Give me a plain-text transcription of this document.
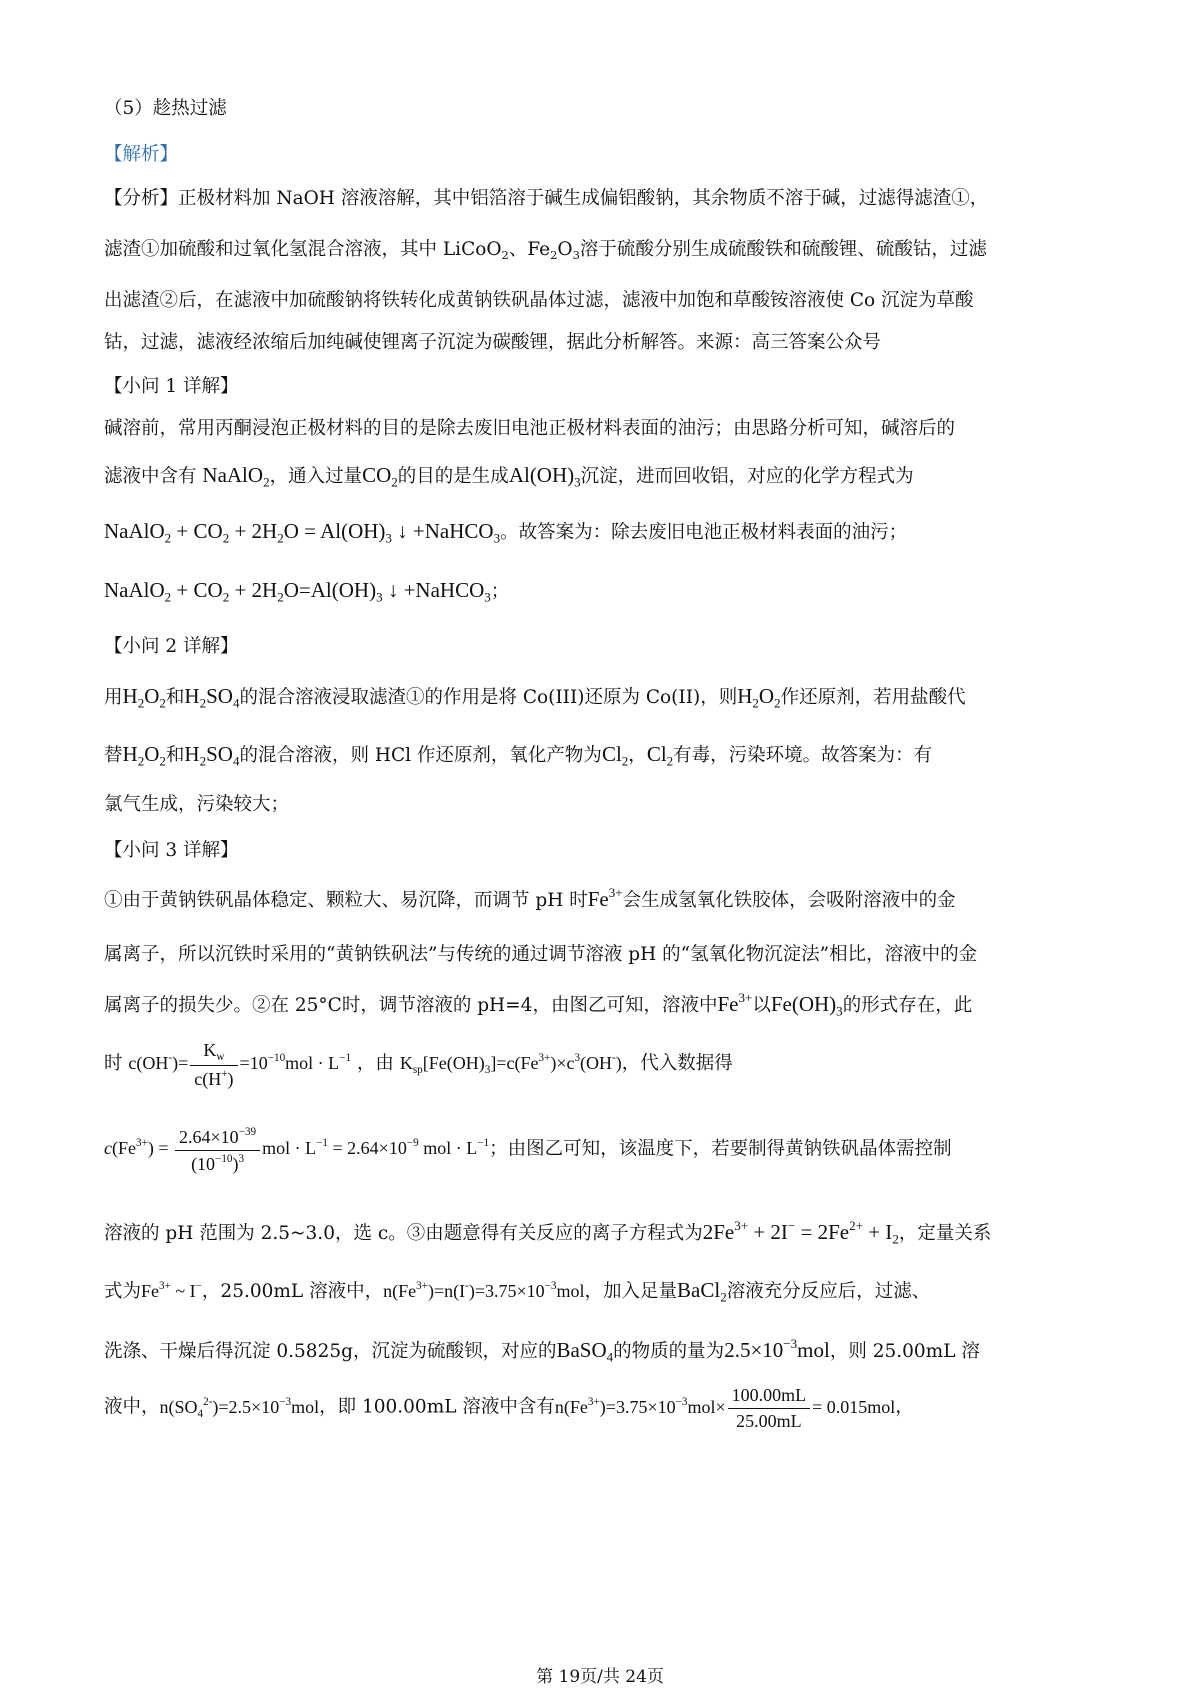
（5）趁热过滤
【解析】
【分析】正极材料加 NaOH 溶液溶解，其中铝箔溶于碱生成偏铝酸钠，其余物质不溶于碱，过滤得滤渣①，
滤渣①加硫酸和过氧化氢混合溶液，其中 LiCoO$_2$、$Fe_2O_3$溶于硫酸分别生成硫酸铁和硫酸锂、硫酸钴，过滤
出滤渣②后，在滤液中加硫酸钠将铁转化成黄钠铁矾晶体过滤，滤液中加饱和草酸铵溶液使 Co 沉淀为草酸
钴，过滤，滤液经浓缩后加纯碱使锂离子沉淀为碳酸锂，据此分析解答。来源：高三答案公众号
【小问 1 详解】
碱溶前，常用丙酮浸泡正极材料的目的是除去废旧电池正极材料表面的油污；由思路分析可知，碱溶后的
滤液中含有 NaAlO$_2$，通入过量$CO_2$的目的是生成$Al(OH)_3$沉淀，进而回收铝，对应的化学方程式为
NaAlO$_2$ + $CO_2 + 2H_2O = Al(OH)_3$ ↓ +NaHCO$_3$。故答案为：除去废旧电池正极材料表面的油污；
NaAlO$_2$ + $CO_2 + 2H_2O=Al(OH)_3$ ↓ +NaHCO$_3$；
【小问 2 详解】
用$H_2O_2$和$H_2SO_4$的混合溶液浸取滤渣①的作用是将 Co(III)还原为 Co(II)，则$H_2O_2$作还原剂，若用盐酸代
替$H_2O_2$和$H_2SO_4$的混合溶液，则 HCl 作还原剂，氧化产物为$Cl_2$，$Cl_2$有毒，污染环境。故答案为：有
氯气生成，污染较大；
【小问 3 详解】
①由于黄钠铁矾晶体稳定、颗粒大、易沉降，而调节 pH 时$Fe^{3+}$会生成氢氧化铁胶体，会吸附溶液中的金
属离子，所以沉铁时采用的“黄钠铁矾法”与传统的通过调节溶液 pH 的“氢氧化物沉淀法”相比，溶液中的金
属离子的损失少。②在 25°C时，调节溶液的 pH=4，由图乙可知，溶液中$Fe^{3+}$以$Fe(OH)_3$的形式存在，此
时 $c(OH^-)= \frac{K_w}{c(H^+)} =10^{-10}mol \cdot L^{-1}$ ，由 $K_{sp}[Fe(OH)_3]=c(Fe^{3+})\times c^3(OH^-)$，代入数据得
$c(Fe^{3+}) = \frac{2.64\times 10^{-39}}{(10^{-10})^3}$ mol · $L^{-1} = 2.64\times 10^{-9}$ mol · $L^{-1}$；由图乙可知，该温度下，若要制得黄钠铁矾晶体需控制
溶液的 pH 范围为 2.5~3.0，选 c。③由题意得有关反应的离子方程式为$2Fe^{3+} + 2I^- = 2Fe^{2+} + I_2$，定量关系
式为$Fe^{3+}$ ~ I−，25.00mL 溶液中，$n(Fe^{3+})=n(I^-)=3.75\times 10^{-3}mol$，加入足量BaCl$_2$溶液充分反应后，过滤、
洗涤、干燥后得沉淀 0.5825g，沉淀为硫酸钡，对应的BaSO$_4$的物质的量为$2.5\times 10^{-3}mol$，则 25.00mL 溶
液中，$n(SO_4^{2-})=2.5\times 10^{-3}mol$，即 100.00mL 溶液中含有$n(Fe^{3+})=3.75\times 10^{-3}mol\times \frac{100.00mL}{25.00mL} = 0.015mol$，
第 19页/共 24页
